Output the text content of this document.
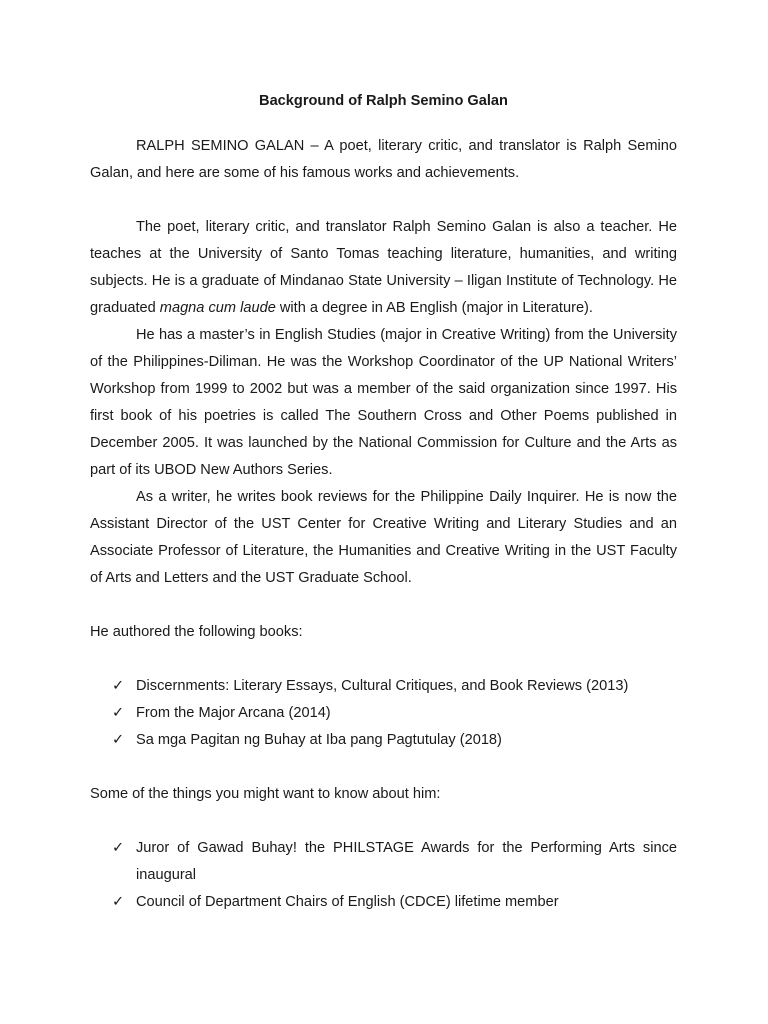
Background of Ralph Semino Galan

RALPH SEMINO GALAN – A poet, literary critic, and translator is Ralph Semino Galan, and here are some of his famous works and achievements.

The poet, literary critic, and translator Ralph Semino Galan is also a teacher. He teaches at the University of Santo Tomas teaching literature, humanities, and writing subjects. He is a graduate of Mindanao State University – Iligan Institute of Technology. He graduated magna cum laude with a degree in AB English (major in Literature).

He has a master’s in English Studies (major in Creative Writing) from the University of the Philippines-Diliman. He was the Workshop Coordinator of the UP National Writers’ Workshop from 1999 to 2002 but was a member of the said organization since 1997. His first book of his poetries is called The Southern Cross and Other Poems published in December 2005. It was launched by the National Commission for Culture and the Arts as part of its UBOD New Authors Series.

As a writer, he writes book reviews for the Philippine Daily Inquirer. He is now the Assistant Director of the UST Center for Creative Writing and Literary Studies and an Associate Professor of Literature, the Humanities and Creative Writing in the UST Faculty of Arts and Letters and the UST Graduate School.

He authored the following books:

✓ Discernments: Literary Essays, Cultural Critiques, and Book Reviews (2013)
✓ From the Major Arcana (2014)
✓ Sa mga Pagitan ng Buhay at Iba pang Pagtutulay (2018)

Some of the things you might want to know about him:

✓ Juror of Gawad Buhay! the PHILSTAGE Awards for the Performing Arts since inaugural
✓ Council of Department Chairs of English (CDCE) lifetime member
